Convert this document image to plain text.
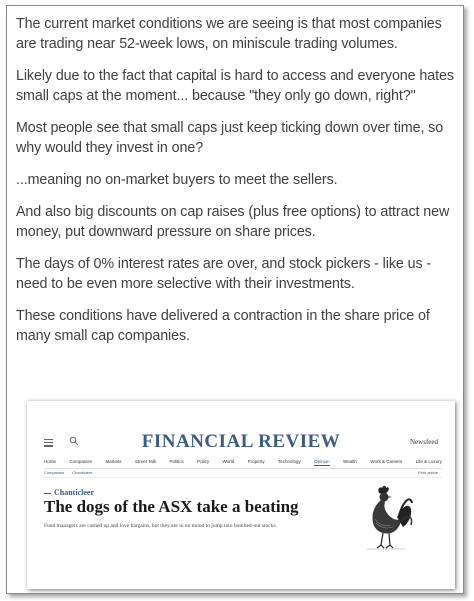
The current market conditions we are seeing is that most companies are trading near 52-week lows, on miniscule trading volumes.

Likely due to the fact that capital is hard to access and everyone hates small caps at the moment... because "they only go down, right?"

Most people see that small caps just keep ticking down over time, so why would they invest in one?

...meaning no on-market buyers to meet the sellers.

And also big discounts on cap raises (plus free options) to attract new money, put downward pressure on share prices.

The days of 0% interest rates are over, and stock pickers - like us - need to be even more selective with their investments.

These conditions have delivered a contraction in the share price of many small cap companies.

FINANCIAL REVIEW	Newsfeed
Home	Companies	Markets	Street Talk	Politics	Policy	World	Property	Technology	Opinion	Wealth	Work & Careers	Life & Luxury
Companies Chanticleer	Print article
Chanticleer
The dogs of the ASX take a beating
Fund managers are cashed up and love bargains, but they are in no mood to jump into bombed-out stocks.
